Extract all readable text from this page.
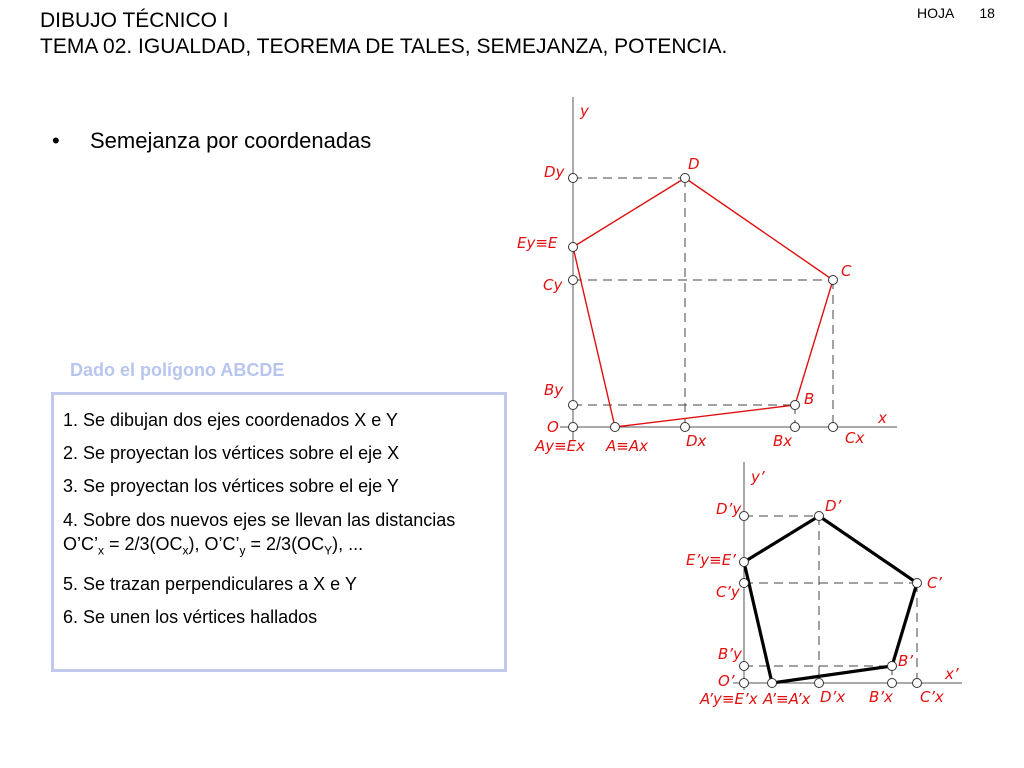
DIBUJO TÉCNICO I
TEMA 02. IGUALDAD, TEOREMA DE TALES, SEMEJANZA, POTENCIA.
HOJA 18
• Semejanza por coordenadas
Dado el polígono ABCDE
1. Se dibujan dos ejes coordenados X e Y
2. Se proyectan los vértices sobre el eje X
3. Se proyectan los vértices sobre el eje Y
4. Sobre dos nuevos ejes se llevan las distancias $O’C’_x = 2/3(OC_x)$, $O’C’_y = 2/3(OC_Y)$, ...
5. Se trazan perpendiculares a X e Y
6. Se unen los vértices hallados
y
x
O
Dy	D
Ey≡E
C
Cy
By	B
Ay≡Ex A≡Ax	Dx	Bx	Cx
y’
x’
O’
D’y	D’
E’y≡E’
C’
C’y
B’y	B’
A’y≡E’x A’≡A’x D’x B’x C’x
